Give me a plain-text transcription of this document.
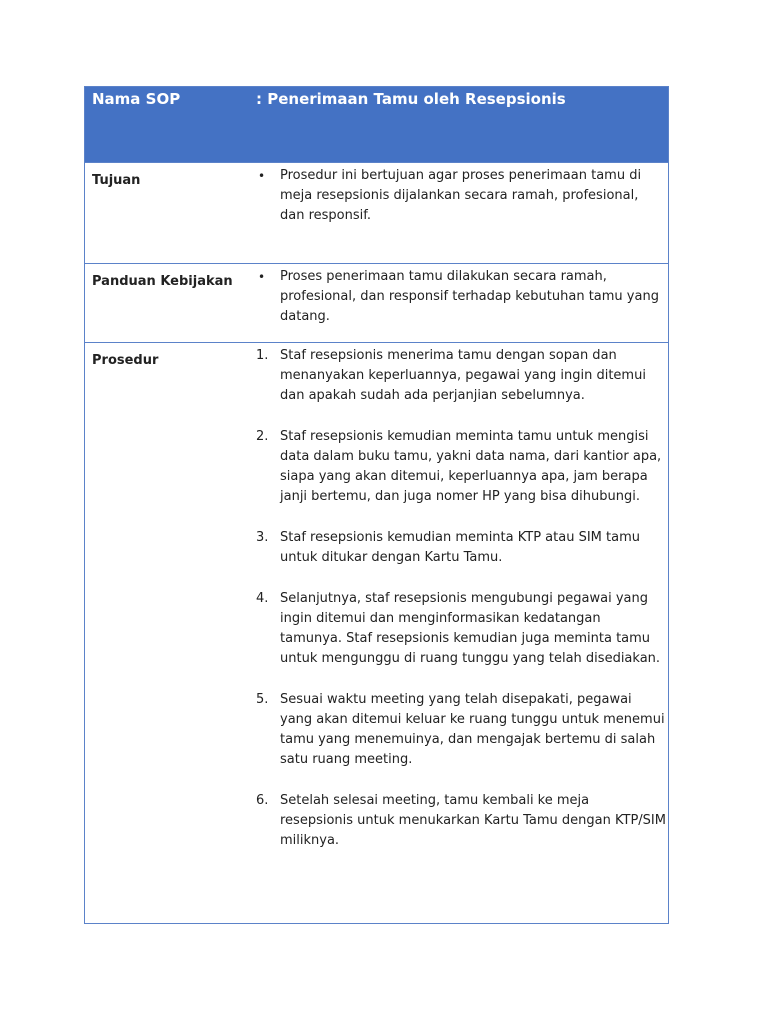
Nama SOP	: Penerimaan Tamu oleh Resepsionis
Tujuan	•	Prosedur ini bertujuan agar proses penerimaan tamu di meja resepsionis dijalankan secara ramah, profesional, dan responsif.
Panduan Kebijakan •	Proses penerimaan tamu dilakukan secara ramah, profesional, dan responsif terhadap kebutuhan tamu yang datang.
Prosedur	1. Staf resepsionis menerima tamu dengan sopan dan menanyakan keperluannya, pegawai yang ingin ditemui dan apakah sudah ada perjanjian sebelumnya.
2. Staf resepsionis kemudian meminta tamu untuk mengisi data dalam buku tamu, yakni data nama, dari kantior apa, siapa yang akan ditemui, keperluannya apa, jam berapa janji bertemu, dan juga nomer HP yang bisa dihubungi.
3. Staf resepsionis kemudian meminta KTP atau SIM tamu untuk ditukar dengan Kartu Tamu.
4. Selanjutnya, staf resepsionis mengubungi pegawai yang ingin ditemui dan menginformasikan kedatangan tamunya. Staf resepsionis kemudian juga meminta tamu untuk mengunggu di ruang tunggu yang telah disediakan.
5. Sesuai waktu meeting yang telah disepakati, pegawai yang akan ditemui keluar ke ruang tunggu untuk menemui tamu yang menemuinya, dan mengajak bertemu di salah satu ruang meeting.
6. Setelah selesai meeting, tamu kembali ke meja resepsionis untuk menukarkan Kartu Tamu dengan KTP/SIM miliknya.
